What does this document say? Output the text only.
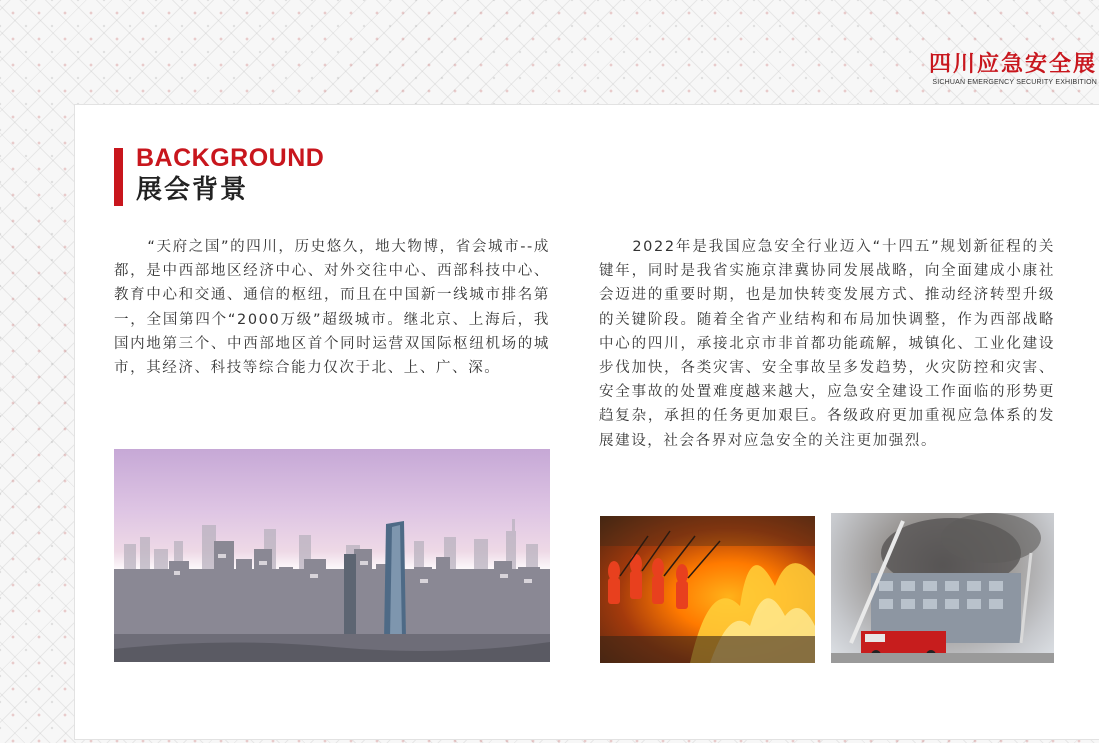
四川应急安全展
SICHUAN EMERGENCY SECURITY EXHIBITION
BACKGROUND
展会背景

“天府之国”的四川，历史悠久，地大物博，省会城市--成都，是中西部地区经济中心、对外交往中心、西部科技中心、教育中心和交通、通信的枢纽，而且在中国新一线城市排名第一，全国第四个“2000万级”超级城市。继北京、上海后，我国内地第三个、中西部地区首个同时运营双国际枢纽机场的城市，其经济、科技等综合能力仅次于北、上、广、深。

2022年是我国应急安全行业迈入“十四五”规划新征程的关键年，同时是我省实施京津冀协同发展战略，向全面建成小康社会迈进的重要时期，也是加快转变发展方式、推动经济转型升级的关键阶段。随着全省产业结构和布局加快调整，作为西部战略中心的四川，承接北京市非首都功能疏解，城镇化、工业化建设步伐加快，各类灾害、安全事故呈多发趋势，火灾防控和灾害、安全事故的处置难度越来越大，应急安全建设工作面临的形势更趋复杂，承担的任务更加艰巨。各级政府更加重视应急体系的发展建设，社会各界对应急安全的关注更加强烈。
